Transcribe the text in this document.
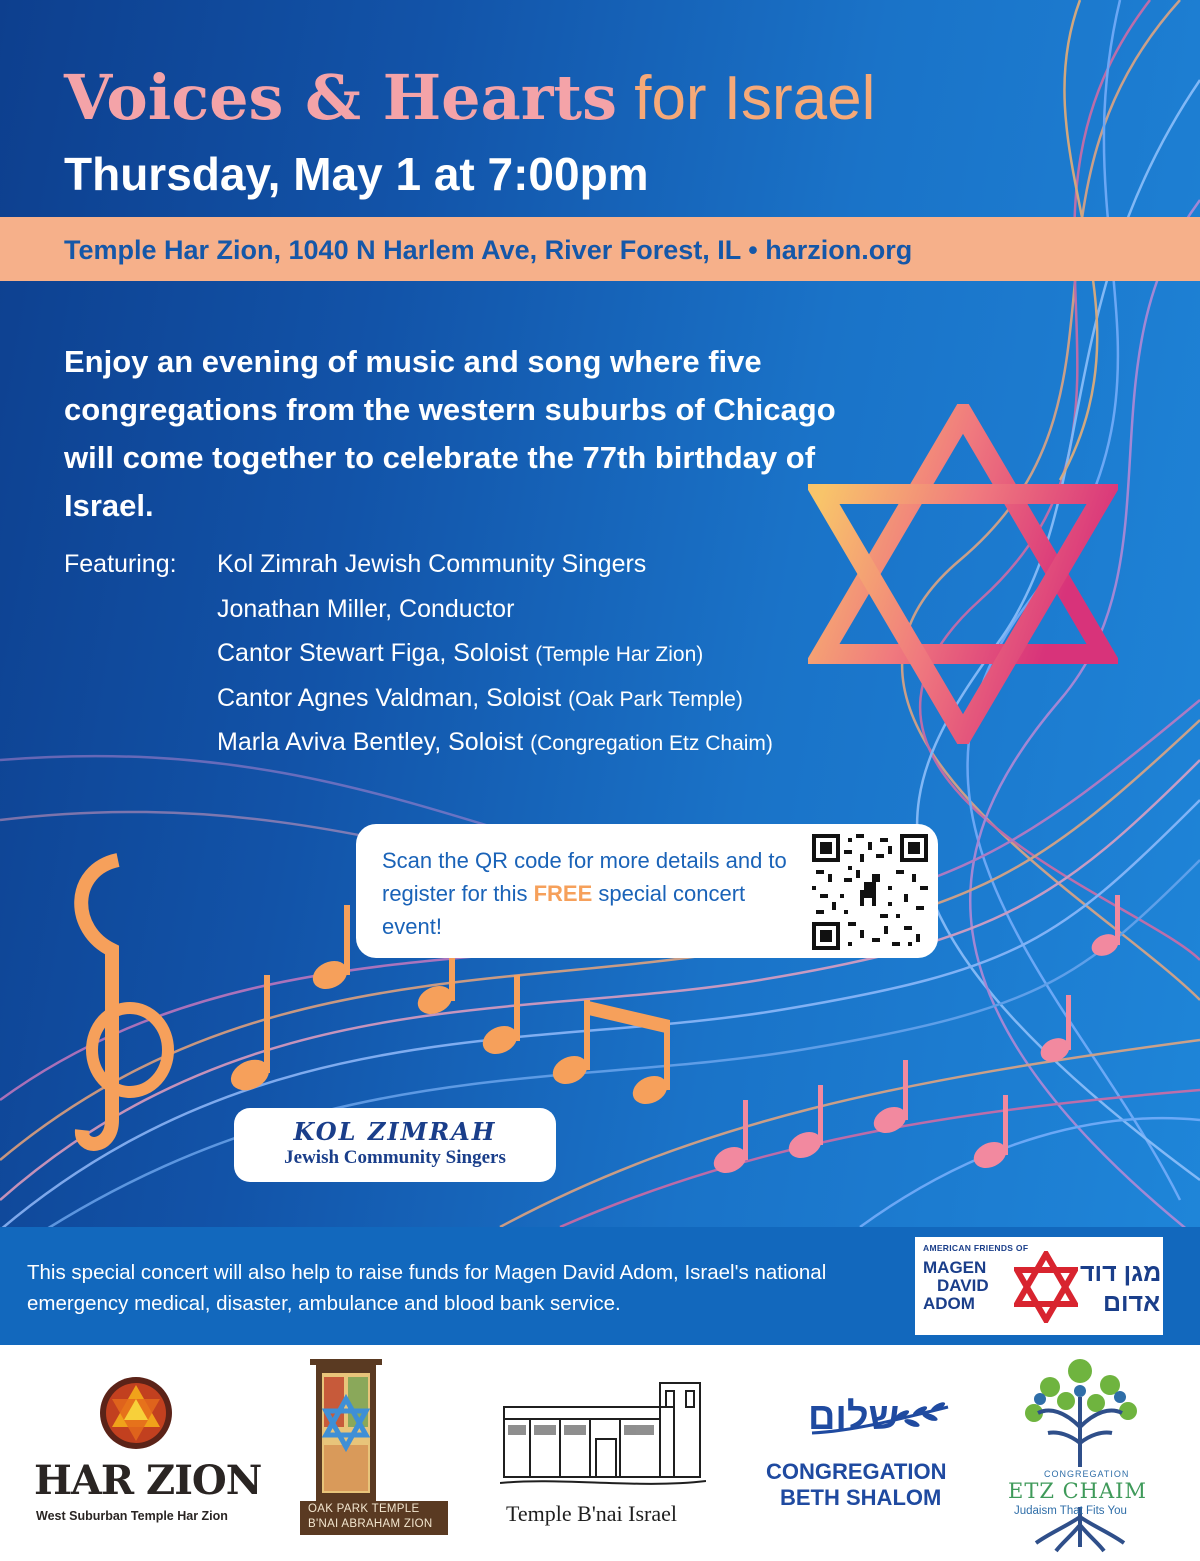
Voices & Hearts for Israel
Thursday, May 1 at 7:00pm
Temple Har Zion, 1040 N Harlem Ave, River Forest, IL • harzion.org
Enjoy an evening of music and song where five congregations from the western suburbs of Chicago will come together to celebrate the 77th birthday of Israel.
Featuring: Kol Zimrah Jewish Community Singers
Jonathan Miller, Conductor
Cantor Stewart Figa, Soloist (Temple Har Zion)
Cantor Agnes Valdman, Soloist (Oak Park Temple)
Marla Aviva Bentley, Soloist (Congregation Etz Chaim)
Scan the QR code for more details and to register for this FREE special concert event!
KOL ZIMRAH
Jewish Community Singers
This special concert will also help to raise funds for Magen David Adom, Israel's national emergency medical, disaster, ambulance and blood bank service.
AMERICAN FRIENDS OF
MAGEN
DAVID
ADOM
מגן דוד
אדום
HAR ZION
West Suburban Temple Har Zion	OAK PARK TEMPLE
B'NAI ABRAHAM ZION	Temple B'nai Israel
שלום
CONGREGATION
BETH SHALOM
CONGREGATION
ETZ CHAIM
Judaism That Fits You
